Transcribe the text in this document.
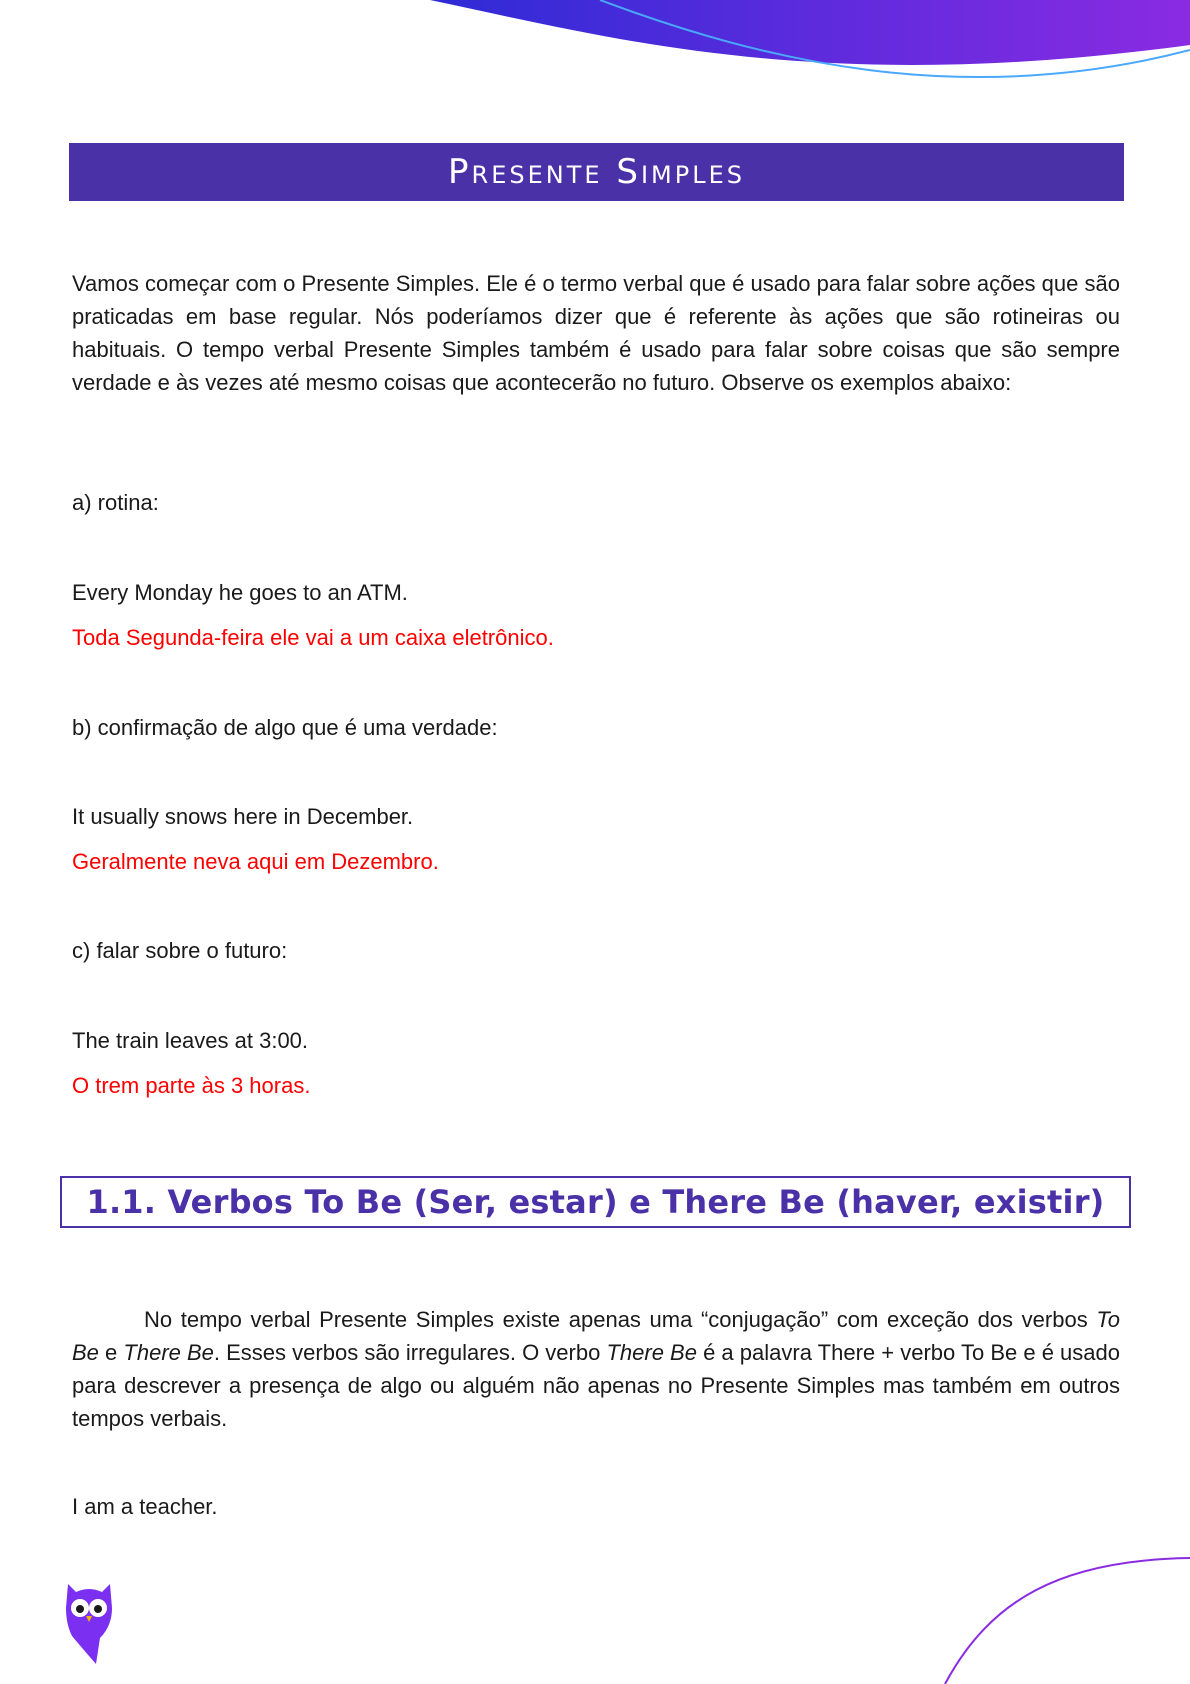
Presente Simples

Vamos começar com o Presente Simples. Ele é o termo verbal que é usado para falar sobre ações que são praticadas em base regular. Nós poderíamos dizer que é referente às ações que são rotineiras ou habituais. O tempo verbal Presente Simples também é usado para falar sobre coisas que são sempre verdade e às vezes até mesmo coisas que acontecerão no futuro. Observe os exemplos abaixo:

a) rotina:

Every Monday he goes to an ATM.

Toda Segunda-feira ele vai a um caixa eletrônico.

b) confirmação de algo que é uma verdade:

It usually snows here in December.

Geralmente neva aqui em Dezembro.

c) falar sobre o futuro:

The train leaves at 3:00.

O trem parte às 3 horas.

1.1. Verbos To Be (Ser, estar) e There Be (haver, existir)

No tempo verbal Presente Simples existe apenas uma “conjugação” com exceção dos verbos To Be e There Be. Esses verbos são irregulares. O verbo There Be é a palavra There + verbo To Be e é usado para descrever a presença de algo ou alguém não apenas no Presente Simples mas também em outros tempos verbais.

I am a teacher.
